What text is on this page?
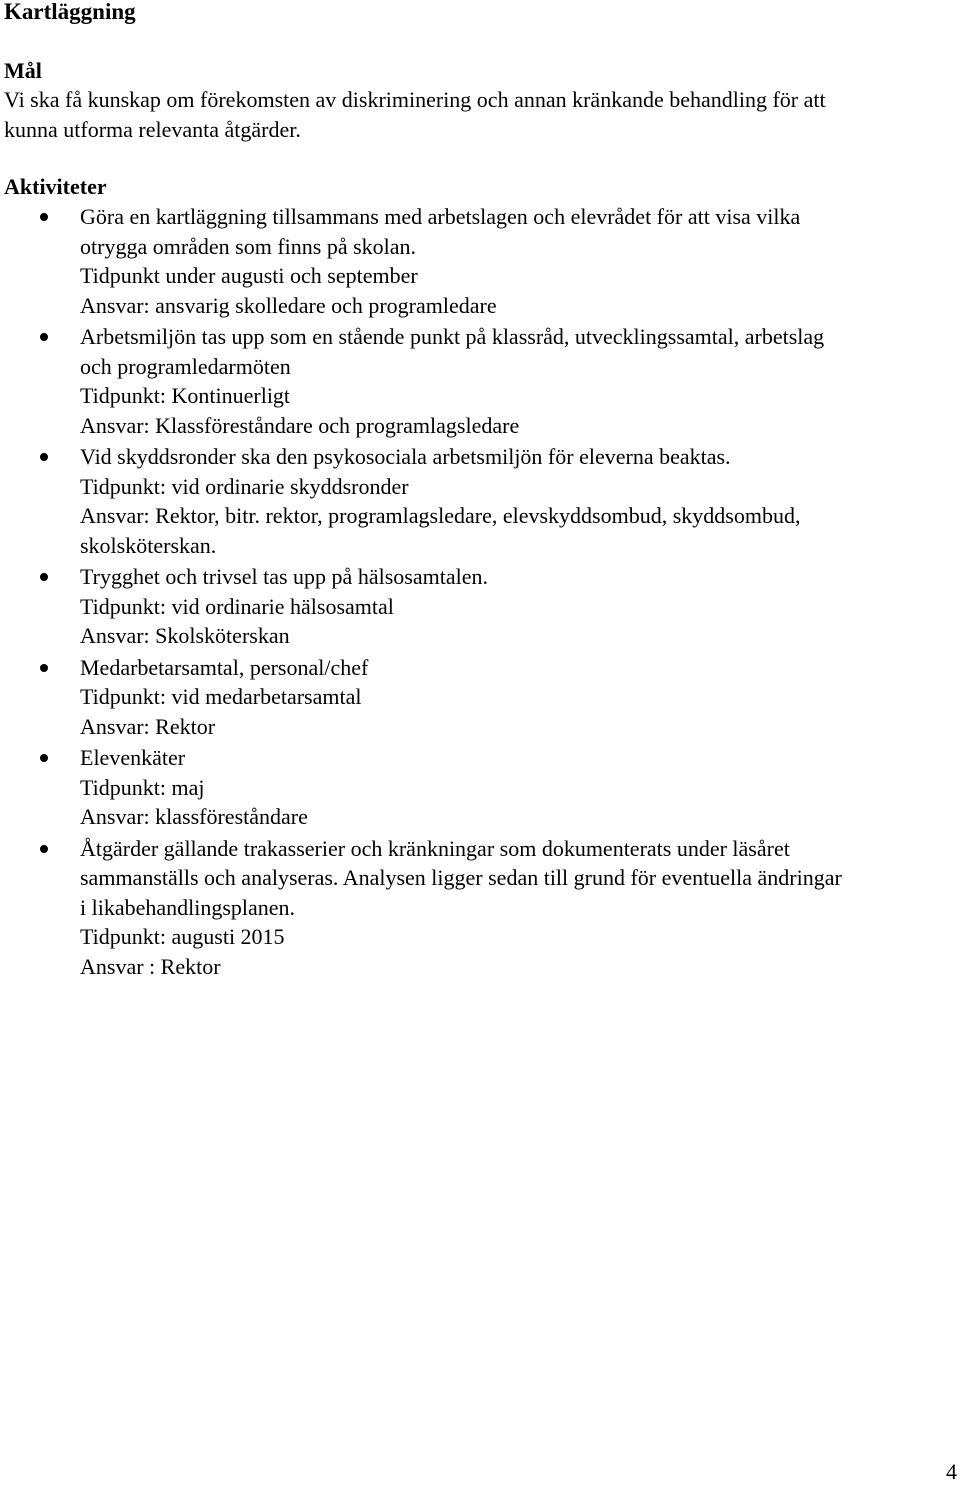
Kartläggning
Mål

Vi ska få kunskap om förekomsten av diskriminering och annan kränkande behandling för att
kunna utforma relevanta åtgärder.

Aktiviteter
Göra en kartläggning tillsammans med arbetslagen och elevrådet för att visa vilka
otrygga områden som finns på skolan.
Tidpunkt under augusti och september
Ansvar: ansvarig skolledare och programledare
Arbetsmiljön tas upp som en stående punkt på klassråd, utvecklingssamtal, arbetslag
och programledarmöten
Tidpunkt: Kontinuerligt
Ansvar: Klassföreståndare och programlagsledare
Vid skyddsronder ska den psykosociala arbetsmiljön för eleverna beaktas.
Tidpunkt: vid ordinarie skyddsronder
Ansvar: Rektor, bitr. rektor, programlagsledare, elevskyddsombud, skyddsombud,
skolsköterskan.
Trygghet och trivsel tas upp på hälsosamtalen.
Tidpunkt: vid ordinarie hälsosamtal
Ansvar: Skolsköterskan
Medarbetarsamtal, personal/chef
Tidpunkt: vid medarbetarsamtal
Ansvar: Rektor
Elevenkäter
Tidpunkt: maj
Ansvar: klassföreståndare
Åtgärder gällande trakasserier och kränkningar som dokumenterats under läsåret
sammanställs och analyseras. Analysen ligger sedan till grund för eventuella ändringar
i likabehandlingsplanen.
Tidpunkt: augusti 2015
Ansvar : Rektor
4
